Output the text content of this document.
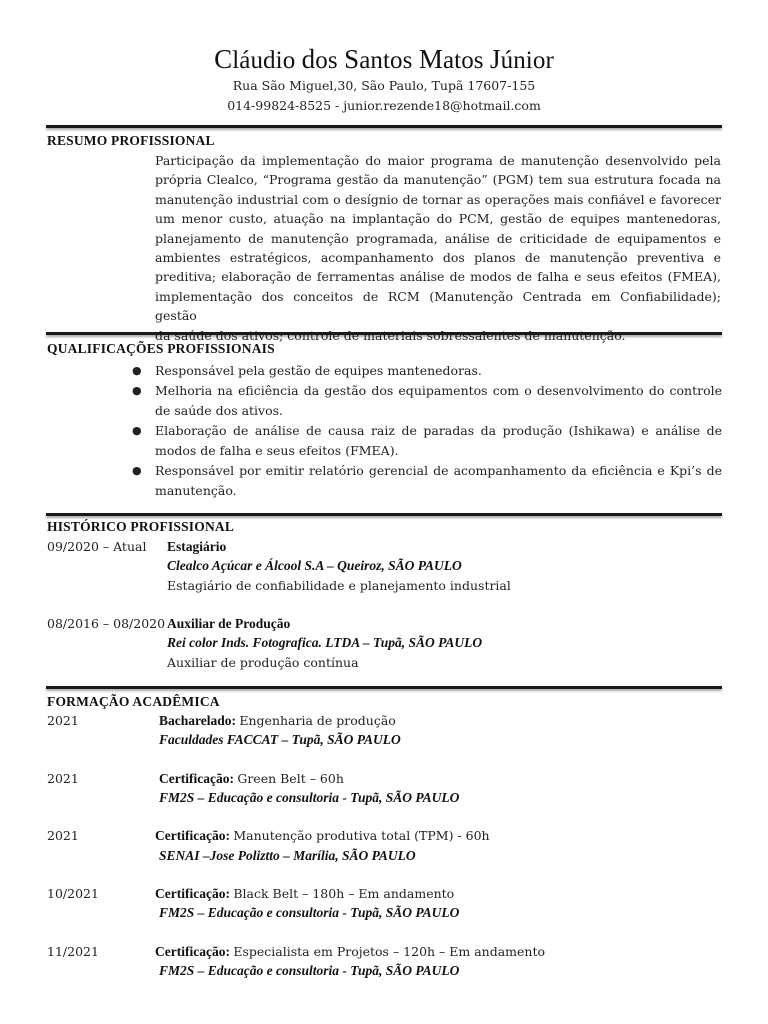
Cláudio dos Santos Matos Júnior
Rua São Miguel,30, São Paulo, Tupã 17607-155
014-99824-8525 - junior.rezende18@hotmail.com
RESUMO PROFISSIONAL
Participação da implementação do maior programa de manutenção desenvolvido pela
própria Clealco, “Programa gestão da manutenção” (PGM) tem sua estrutura focada na
manutenção industrial com o desígnio de tornar as operações mais confiável e favorecer
um menor custo, atuação na implantação do PCM, gestão de equipes mantenedoras,
planejamento de manutenção programada, análise de criticidade de equipamentos e
ambientes estratégicos, acompanhamento dos planos de manutenção preventiva e
preditiva; elaboração de ferramentas análise de modos de falha e seus efeitos (FMEA),
implementação dos conceitos de RCM (Manutenção Centrada em Confiabilidade); gestão
da saúde dos ativos; controle de materiais sobressalentes de manutenção.
QUALIFICAÇÕES PROFISSIONAIS
● Responsável pela gestão de equipes mantenedoras.
● Melhoria na eficiência da gestão dos equipamentos com o desenvolvimento do controle de saúde dos ativos.
● Elaboração de análise de causa raiz de paradas da produção (Ishikawa) e análise de modos de falha e seus efeitos (FMEA).
● Responsável por emitir relatório gerencial de acompanhamento da eficiência e Kpi’s de manutenção.
HISTÓRICO PROFISSIONAL
09/2020 – Atual Estagiário
Clealco Açúcar e Álcool S.A – Queiroz, SÃO PAULO
Estagiário de confiabilidade e planejamento industrial
08/2016 – 08/2020 Auxiliar de Produção
Rei color Inds. Fotografica. LTDA – Tupã, SÃO PAULO
Auxiliar de produção contínua
FORMAÇÃO ACADÊMICA
2021	Bacharelado: Engenharia de produção
Faculdades FACCAT – Tupã, SÃO PAULO
2021	Certificação: Green Belt – 60h
FM2S – Educação e consultoria - Tupã, SÃO PAULO
2021	Certificação: Manutenção produtiva total (TPM) - 60h
SENAI –Jose Poliztto – Marília, SÃO PAULO
10/2021	Certificação: Black Belt – 180h – Em andamento
FM2S – Educação e consultoria - Tupã, SÃO PAULO
11/2021	Certificação: Especialista em Projetos – 120h – Em andamento
FM2S – Educação e consultoria - Tupã, SÃO PAULO
